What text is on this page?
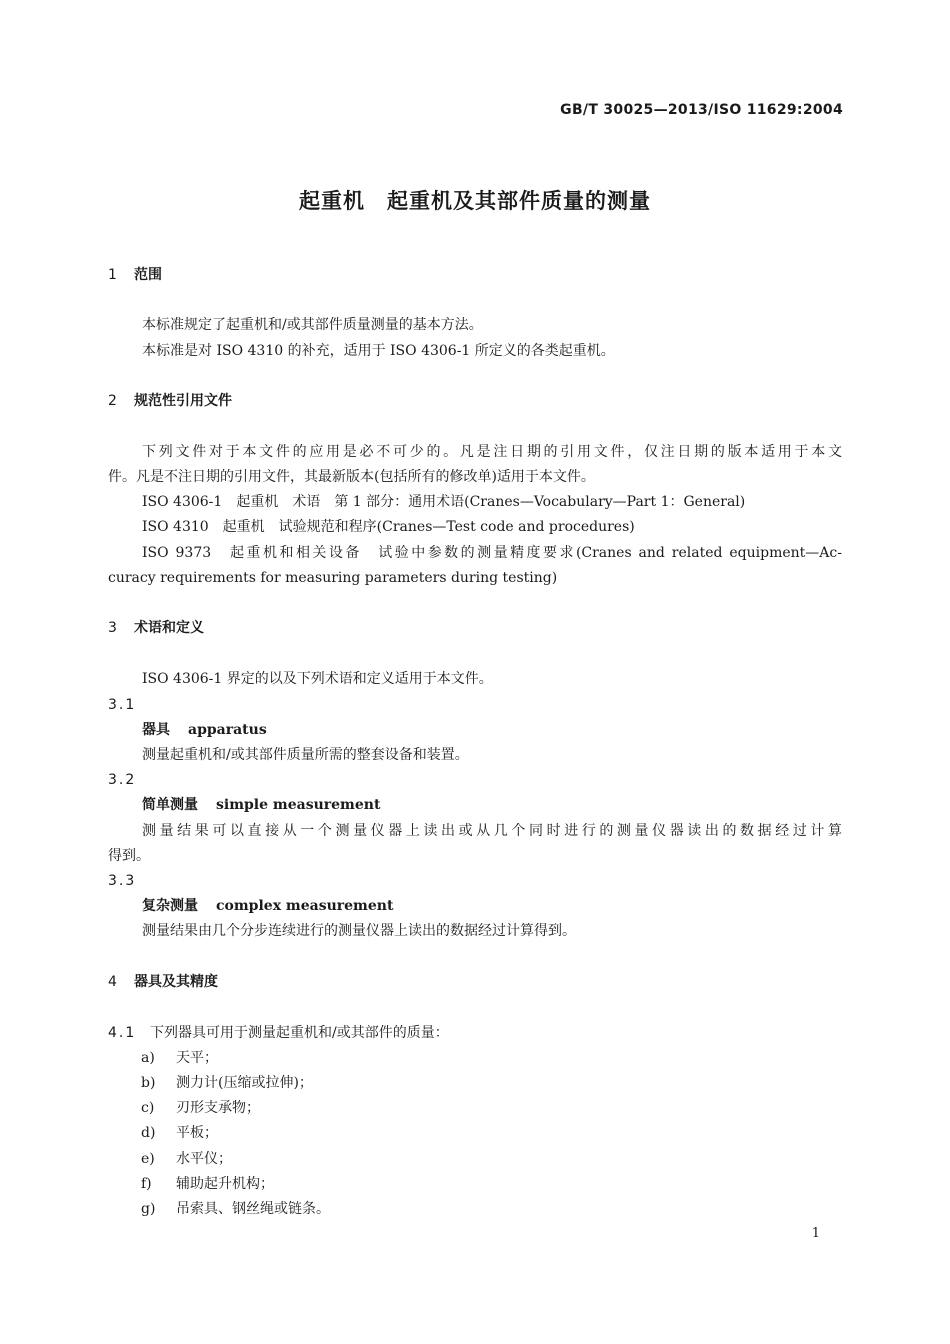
GB/T 30025—2013/ISO 11629:2004
起重机　起重机及其部件质量的测量
1 范围
本标准规定了起重机和/或其部件质量测量的基本方法。
本标准是对 ISO 4310 的补充，适用于 ISO 4306-1 所定义的各类起重机。
2 规范性引用文件
下列文件对于本文件的应用是必不可少的。凡是注日期的引用文件，仅注日期的版本适用于本文
件。凡是不注日期的引用文件，其最新版本(包括所有的修改单)适用于本文件。
ISO 4306-1　起重机　术语　第 1 部分：通用术语(Cranes—Vocabulary—Part 1：General)
ISO 4310　起重机　试验规范和程序(Cranes—Test code and procedures)
ISO 9373　起重机和相关设备　试验中参数的测量精度要求(Cranes and related equipment—Ac-
curacy requirements for measuring parameters during testing)
3 术语和定义
ISO 4306-1 界定的以及下列术语和定义适用于本文件。
3.1
器具 apparatus
测量起重机和/或其部件质量所需的整套设备和装置。
3.2
简单测量 simple measurement
测量结果可以直接从一个测量仪器上读出或从几个同时进行的测量仪器读出的数据经过计算
得到。
3.3
复杂测量 complex measurement
测量结果由几个分步连续进行的测量仪器上读出的数据经过计算得到。
4 器具及其精度
4.1 下列器具可用于测量起重机和/或其部件的质量：
a) 天平；
b) 测力计(压缩或拉伸)；
c) 刃形支承物；
d) 平板；
e) 水平仪；
f) 辅助起升机构；
g) 吊索具、钢丝绳或链条。
1
